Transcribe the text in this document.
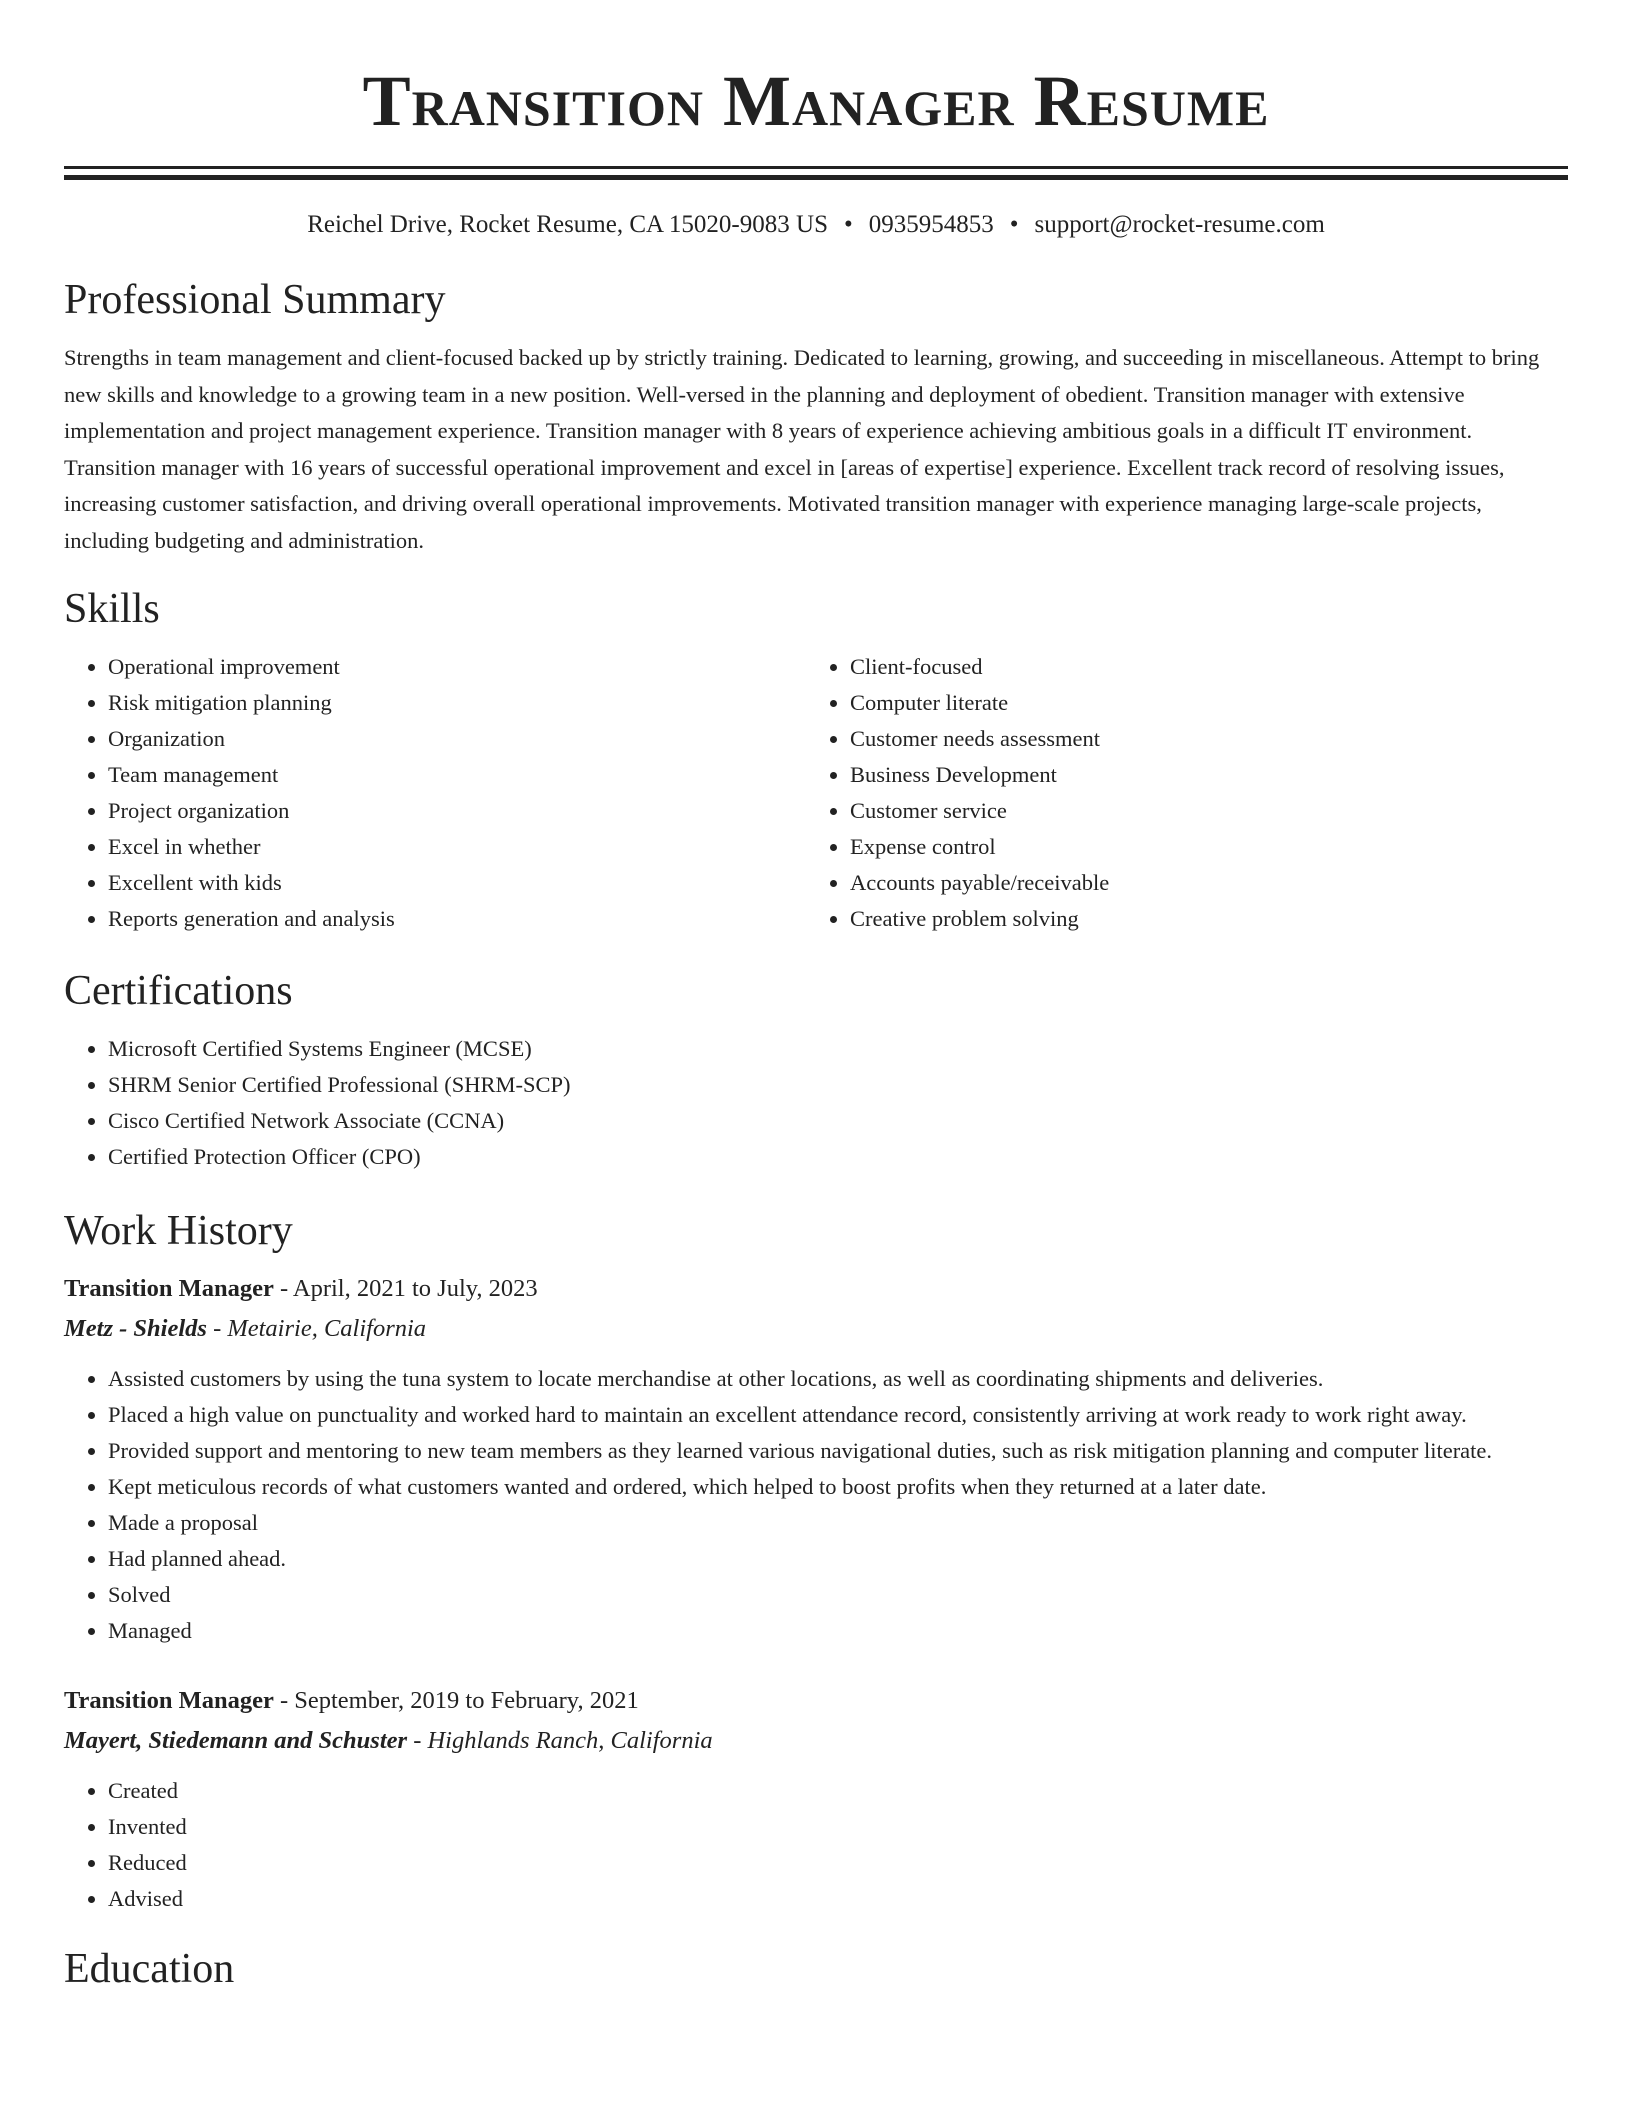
Transition Manager Resume
Reichel Drive, Rocket Resume, CA 15020-9083 US • 0935954853 • support@rocket-resume.com
Professional Summary

Strengths in team management and client-focused backed up by strictly training. Dedicated to learning, growing, and succeeding in miscellaneous. Attempt to bring new skills and knowledge to a growing team in a new position. Well-versed in the planning and deployment of obedient. Transition manager with extensive implementation and project management experience. Transition manager with 8 years of experience achieving ambitious goals in a difficult IT environment. Transition manager with 16 years of successful operational improvement and excel in [areas of expertise] experience. Excellent track record of resolving issues, increasing customer satisfaction, and driving overall operational improvements. Motivated transition manager with experience managing large-scale projects, including budgeting and administration.

Skills
• Operational improvement
• Risk mitigation planning
• Organization
• Team management
• Project organization
• Excel in whether
• Excellent with kids
• Reports generation and analysis
• Client-focused
• Computer literate
• Customer needs assessment
• Business Development
• Customer service
• Expense control
• Accounts payable/receivable
• Creative problem solving
Certifications
• Microsoft Certified Systems Engineer (MCSE)
• SHRM Senior Certified Professional (SHRM-SCP)
• Cisco Certified Network Associate (CCNA)
• Certified Protection Officer (CPO)
Work History
Transition Manager - April, 2021 to July, 2023
Metz - Shields - Metairie, California
• Assisted customers by using the tuna system to locate merchandise at other locations, as well as coordinating shipments and deliveries.
• Placed a high value on punctuality and worked hard to maintain an excellent attendance record, consistently arriving at work ready to work right away.
• Provided support and mentoring to new team members as they learned various navigational duties, such as risk mitigation planning and computer literate.
• Kept meticulous records of what customers wanted and ordered, which helped to boost profits when they returned at a later date.
• Made a proposal
• Had planned ahead.
• Solved
• Managed
Transition Manager - September, 2019 to February, 2021
Mayert, Stiedemann and Schuster - Highlands Ranch, California
• Created
• Invented
• Reduced
• Advised
Education
